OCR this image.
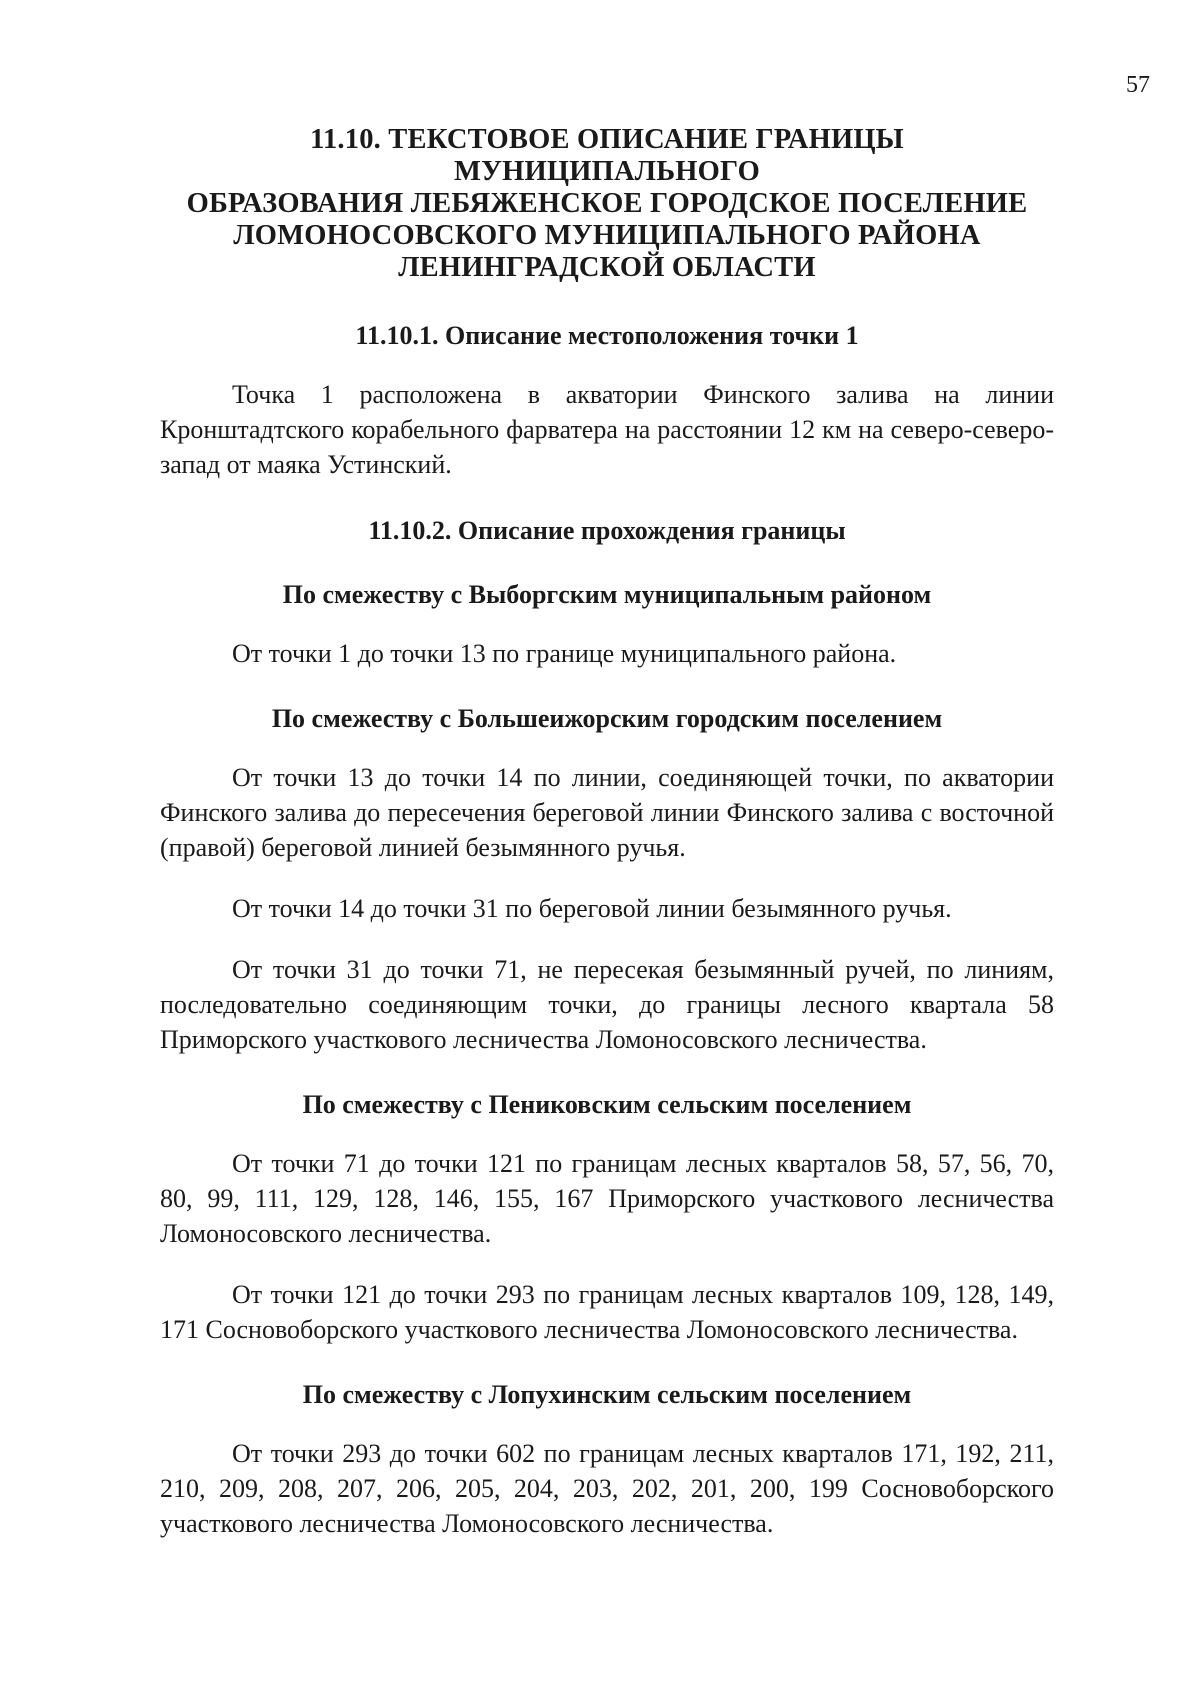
57
11.10. ТЕКСТОВОЕ ОПИСАНИЕ ГРАНИЦЫ МУНИЦИПАЛЬНОГО
ОБРАЗОВАНИЯ ЛЕБЯЖЕНСКОЕ ГОРОДСКОЕ ПОСЕЛЕНИЕ
ЛОМОНОСОВСКОГО МУНИЦИПАЛЬНОГО РАЙОНА
ЛЕНИНГРАДСКОЙ ОБЛАСТИ
11.10.1. Описание местоположения точки 1

Точка 1 расположена в акватории Финского залива на линии Кронштадтского корабельного фарватера на расстоянии 12 км на северо-северо-запад от маяка Устинский.

11.10.2. Описание прохождения границы
По смежеству с Выборгским муниципальным районом

От точки 1 до точки 13 по границе муниципального района.

По смежеству с Большеижорским городским поселением

От точки 13 до точки 14 по линии, соединяющей точки, по акватории Финского залива до пересечения береговой линии Финского залива с восточной (правой) береговой линией безымянного ручья.

От точки 14 до точки 31 по береговой линии безымянного ручья.

От точки 31 до точки 71, не пересекая безымянный ручей, по линиям, последовательно соединяющим точки, до границы лесного квартала 58 Приморского участкового лесничества Ломоносовского лесничества.

По смежеству с Пениковским сельским поселением

От точки 71 до точки 121 по границам лесных кварталов 58, 57, 56, 70, 80, 99, 111, 129, 128, 146, 155, 167 Приморского участкового лесничества Ломоносовского лесничества.

От точки 121 до точки 293 по границам лесных кварталов 109, 128, 149, 171 Сосновоборского участкового лесничества Ломоносовского лесничества.

По смежеству с Лопухинским сельским поселением

От точки 293 до точки 602 по границам лесных кварталов 171, 192, 211, 210, 209, 208, 207, 206, 205, 204, 203, 202, 201, 200, 199 Сосновоборского участкового лесничества Ломоносовского лесничества.
